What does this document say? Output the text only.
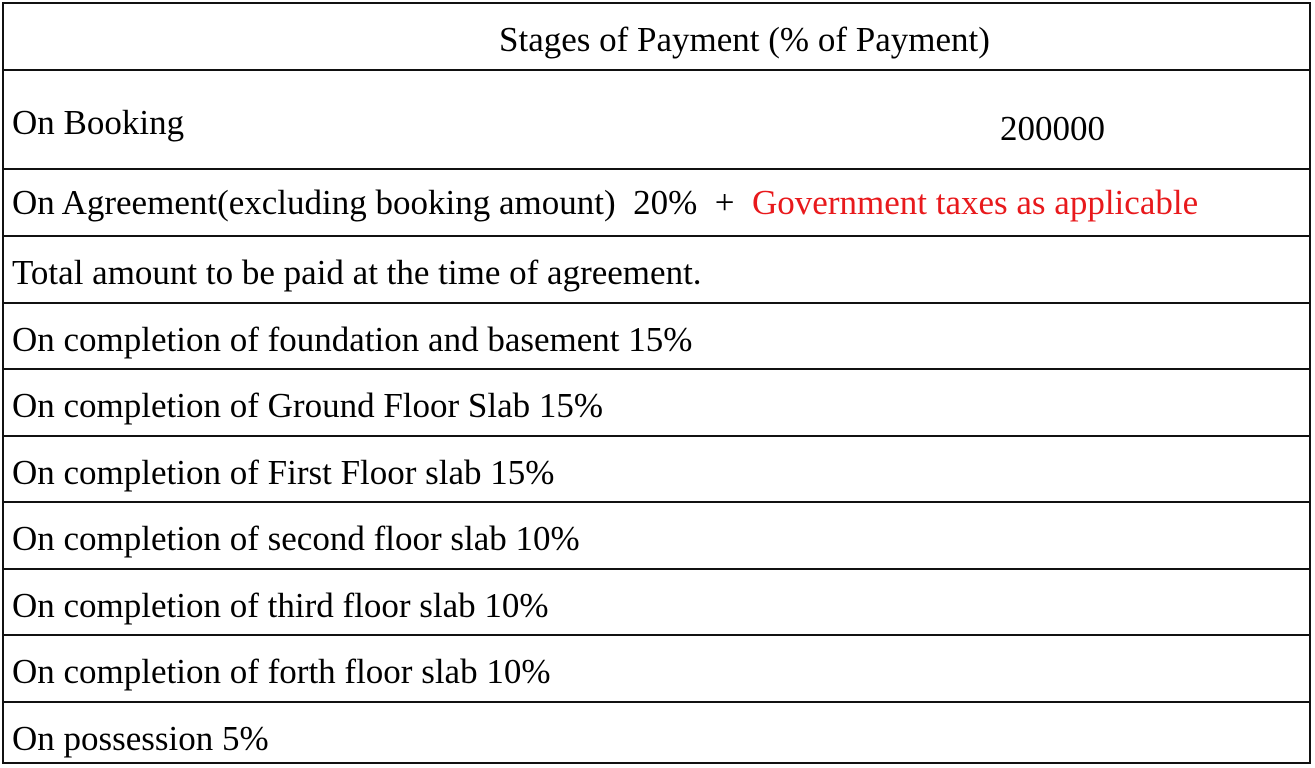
Stages of Payment (% of Payment)
On Booking	200000
On Agreement(excluding booking amount) 20% + Government taxes as applicable
Total amount to be paid at the time of agreement.
On completion of foundation and basement 15%
On completion of Ground Floor Slab 15%
On completion of First Floor slab 15%
On completion of second floor slab 10%
On completion of third floor slab 10%
On completion of forth floor slab 10%
On possession 5%
